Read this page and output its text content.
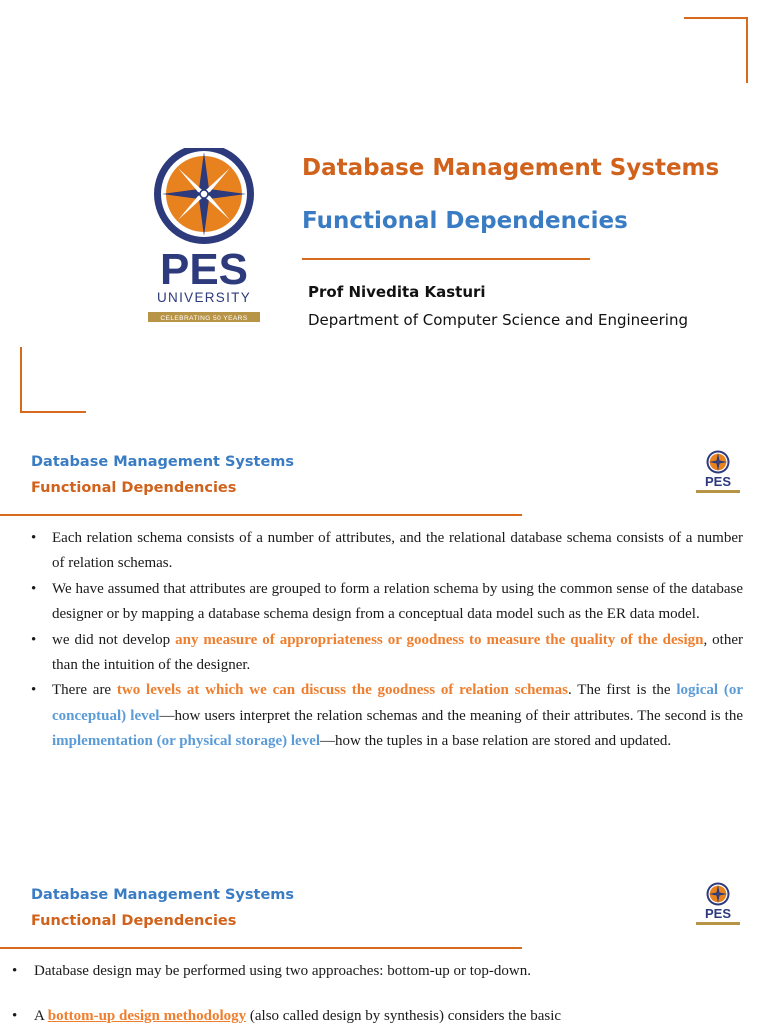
PES
UNIVERSITY
CELEBRATING 50 YEARS
Database Management Systems
Functional Dependencies
Prof Nivedita Kasturi
Department of Computer Science and Engineering
Database Management Systems
Functional Dependencies	PES
• Each relation schema consists of a number of attributes, and the relational database schema consists of a number of relation schemas.
• We have assumed that attributes are grouped to form a relation schema by using the common sense of the database designer or by mapping a database schema design from a conceptual data model such as the ER data model.
• we did not develop any measure of appropriateness or goodness to measure the quality of the design, other than the intuition of the designer.
• There are two levels at which we can discuss the goodness of relation schemas. The first is the logical (or conceptual) level—how users interpret the relation schemas and the meaning of their attributes. The second is the implementation (or physical storage) level—how the tuples in a base relation are stored and updated.
Database Management Systems
Functional Dependencies	PES
• Database design may be performed using two approaches: bottom-up or top-down.
• A bottom-up design methodology (also called design by synthesis) considers the basic
